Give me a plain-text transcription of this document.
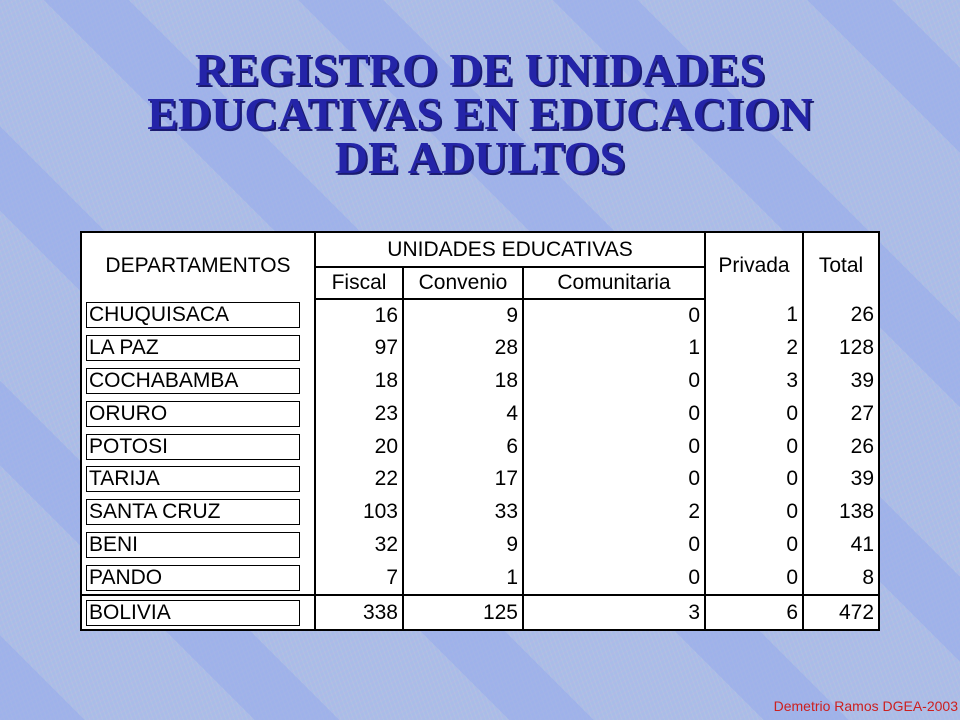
REGISTRO DE UNIDADES
EDUCATIVAS EN EDUCACION
DE ADULTOS
DEPARTAMENTOS	UNIDADES EDUCATIVAS			Privada	Total
	Fiscal	Convenio	Comunitaria		

CHUQUISACA	16	9	0	1	26

LA PAZ	97	28	1	2	128

COCHABAMBA	18	18	0	3	39

ORURO	23	4	0	0	27

POTOSI	20	6	0	0	26

TARIJA	22	17	0	0	39

SANTA CRUZ	103	33	2	0	138

BENI	32	9	0	0	41

PANDO	7	1	0	0	8

BOLIVIA	338	125	3	6	472
Demetrio Ramos DGEA-2003
